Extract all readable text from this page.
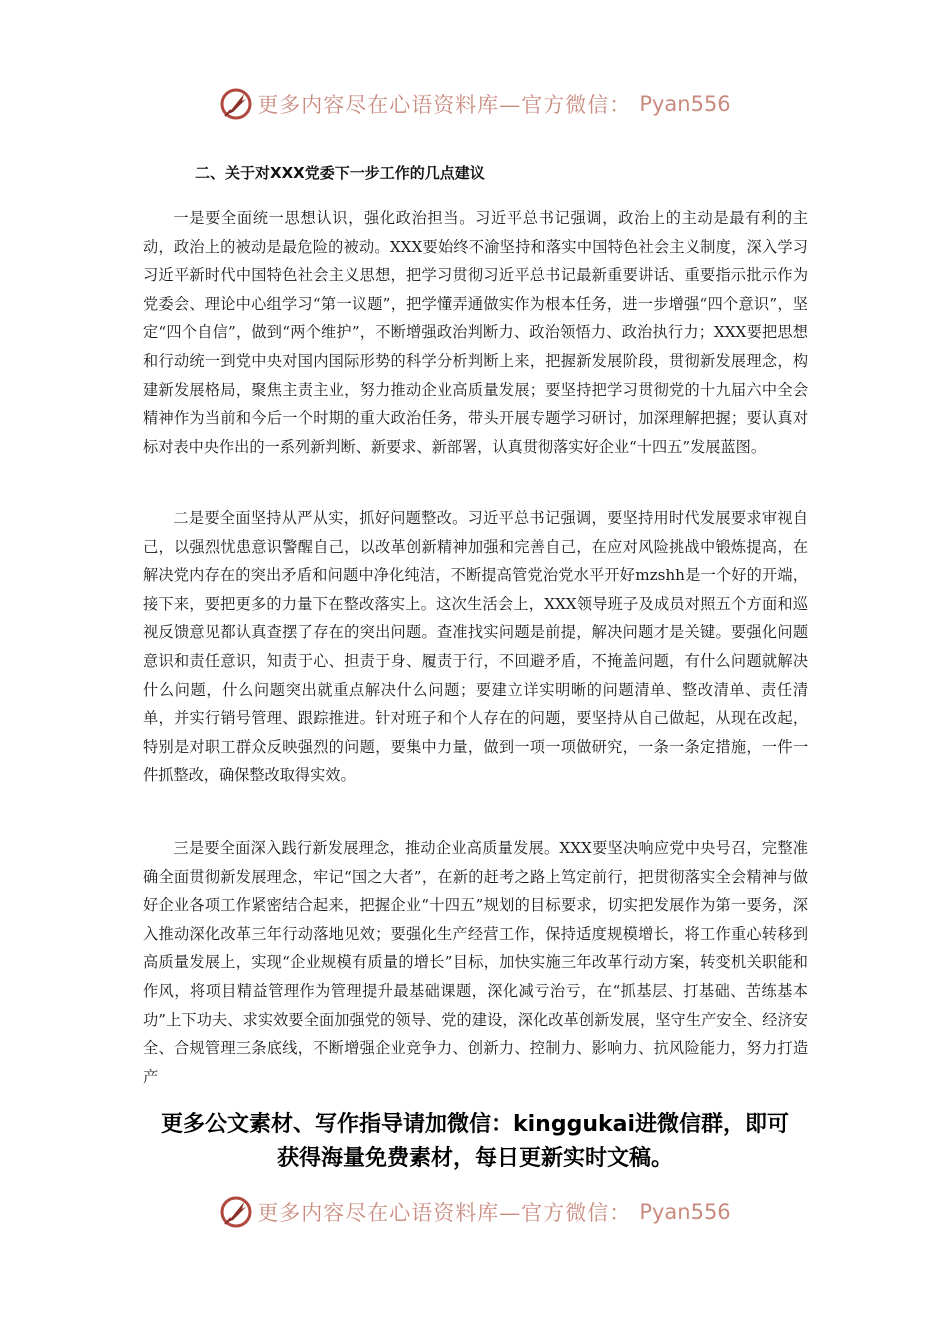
更多内容尽在心语资料库—官方微信： Pyan556
二、关于对XXX党委下一步工作的几点建议

一是要全面统一思想认识，强化政治担当。习近平总书记强调，政治上的主动是最有利的主动，政治上的被动是最危险的被动。XXX要始终不渝坚持和落实中国特色社会主义制度，深入学习习近平新时代中国特色社会主义思想，把学习贯彻习近平总书记最新重要讲话、重要指示批示作为党委会、理论中心组学习“第一议题”，把学懂弄通做实作为根本任务，进一步增强“四个意识”，坚定“四个自信”，做到“两个维护”，不断增强政治判断力、政治领悟力、政治执行力；XXX要把思想和行动统一到党中央对国内国际形势的科学分析判断上来，把握新发展阶段，贯彻新发展理念，构建新发展格局，聚焦主责主业，努力推动企业高质量发展；要坚持把学习贯彻党的十九届六中全会精神作为当前和今后一个时期的重大政治任务，带头开展专题学习研讨，加深理解把握；要认真对标对表中央作出的一系列新判断、新要求、新部署，认真贯彻落实好企业“十四五”发展蓝图。

二是要全面坚持从严从实，抓好问题整改。习近平总书记强调，要坚持用时代发展要求审视自己，以强烈忧患意识警醒自己，以改革创新精神加强和完善自己，在应对风险挑战中锻炼提高，在解决党内存在的突出矛盾和问题中净化纯洁，不断提高管党治党水平开好mzshh是一个好的开端，接下来，要把更多的力量下在整改落实上。这次生活会上，XXX领导班子及成员对照五个方面和巡视反馈意见都认真查摆了存在的突出问题。查准找实问题是前提，解决问题才是关键。要强化问题意识和责任意识，知责于心、担责于身、履责于行，不回避矛盾，不掩盖问题，有什么问题就解决什么问题，什么问题突出就重点解决什么问题；要建立详实明晰的问题清单、整改清单、责任清单，并实行销号管理、跟踪推进。针对班子和个人存在的问题，要坚持从自己做起，从现在改起，特别是对职工群众反映强烈的问题，要集中力量，做到一项一项做研究，一条一条定措施，一件一件抓整改，确保整改取得实效。

三是要全面深入践行新发展理念，推动企业高质量发展。XXX要坚决响应党中央号召，完整准确全面贯彻新发展理念，牢记“国之大者”，在新的赶考之路上笃定前行，把贯彻落实全会精神与做好企业各项工作紧密结合起来，把握企业“十四五”规划的目标要求，切实把发展作为第一要务，深入推动深化改革三年行动落地见效；要强化生产经营工作，保持适度规模增长，将工作重心转移到高质量发展上，实现“企业规模有质量的增长”目标，加快实施三年改革行动方案，转变机关职能和作风，将项目精益管理作为管理提升最基础课题，深化减亏治亏，在“抓基层、打基础、苦练基本功”上下功夫、求实效要全面加强党的领导、党的建设，深化改革创新发展，坚守生产安全、经济安全、合规管理三条底线，不断增强企业竞争力、创新力、控制力、影响力、抗风险能力，努力打造产

更多公文素材、写作指导请加微信：kinggukai进微信群，即可
获得海量免费素材，每日更新实时文稿。
更多内容尽在心语资料库—官方微信： Pyan556
